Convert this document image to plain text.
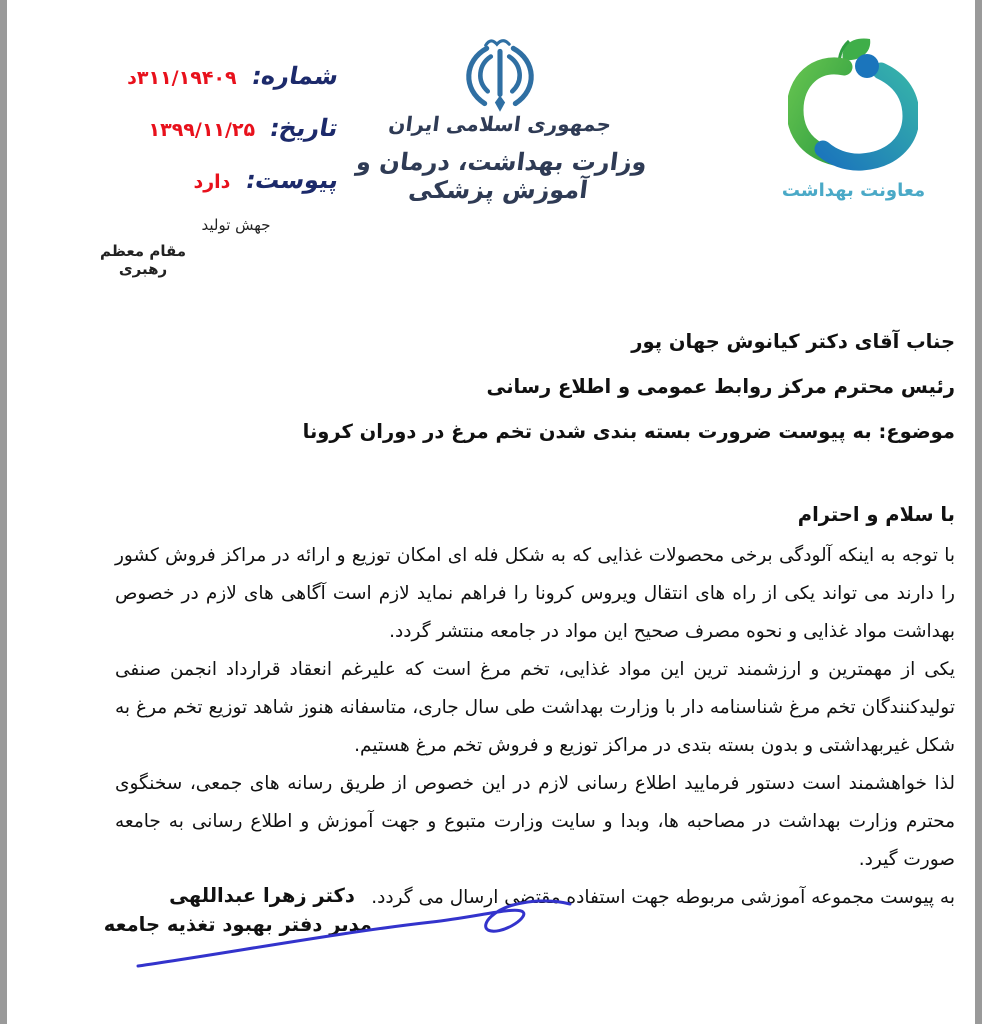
شماره: ۳۱۱/۱۹۴۰۹د
تاریخ: ۱۳۹۹/۱۱/۲۵
پیوست: دارد
جهش تولید
مقام معظم رهبری
جمهوری اسلامی ایران
وزارت بهداشت، درمان و آموزش پزشکی	معاونت بهداشت
جناب آقای دکتر کیانوش جهان پور
رئیس محترم مرکز روابط عمومی و اطلاع رسانی
موضوع: به پیوست ضرورت بسته بندی شدن تخم مرغ در دوران کرونا
با سلام و احترام

با توجه به اینکه آلودگی برخی محصولات غذایی که به شکل فله ای امکان توزیع و ارائه در مراکز فروش کشور را دارند می تواند یکی از راه های انتقال ویروس کرونا را فراهم نماید لازم است آگاهی های لازم در خصوص بهداشت مواد غذایی و نحوه مصرف صحیح این مواد در جامعه منتشر گردد.

یکی از مهمترین و ارزشمند ترین این مواد غذایی، تخم مرغ است که علیرغم انعقاد قرارداد انجمن صنفی تولیدکنندگان تخم مرغ شناسنامه دار با وزارت بهداشت طی سال جاری، متاسفانه هنوز شاهد توزیع تخم مرغ به شکل غیربهداشتی و بدون بسته بتدی در مراکز توزیع و فروش تخم مرغ هستیم.

لذا خواهشمند است دستور فرمایید اطلاع رسانی لازم در این خصوص از طریق رسانه های جمعی، سخنگوی محترم وزارت بهداشت در مصاحبه ها، وبدا و سایت وزارت متبوع و جهت آموزش و اطلاع رسانی به جامعه صورت گیرد.

به پیوست مجموعه آموزشی مربوطه جهت استفاده مقتضی ارسال می گردد.

دکتر زهرا عبداللهی
مدیر دفتر بهبود تغذیه جامعه
